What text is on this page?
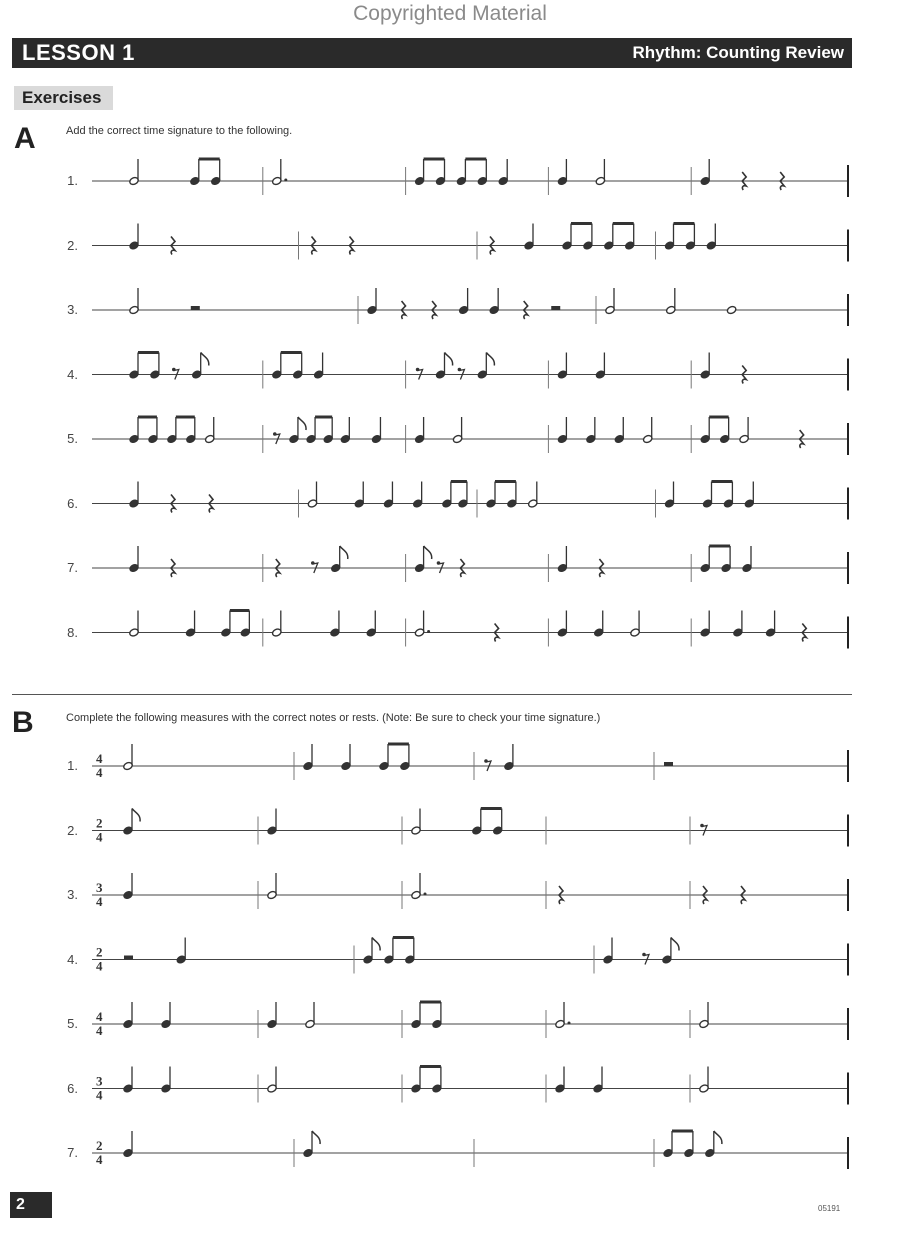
Copyrighted Material
LESSON 1	Rhythm: Counting Review
Exercises
A	Add the correct time signature to the following.
B	Complete the following measures with the correct notes or rests. (Note: Be sure to check your time signature.)
4
4
2
4
3
4
2
4
4
4
3
4
2
4
2	05191
1.
2.
3.
4.
5.
6.
7.
8.
1.
2.
3.
4.
5.
6.
7.
